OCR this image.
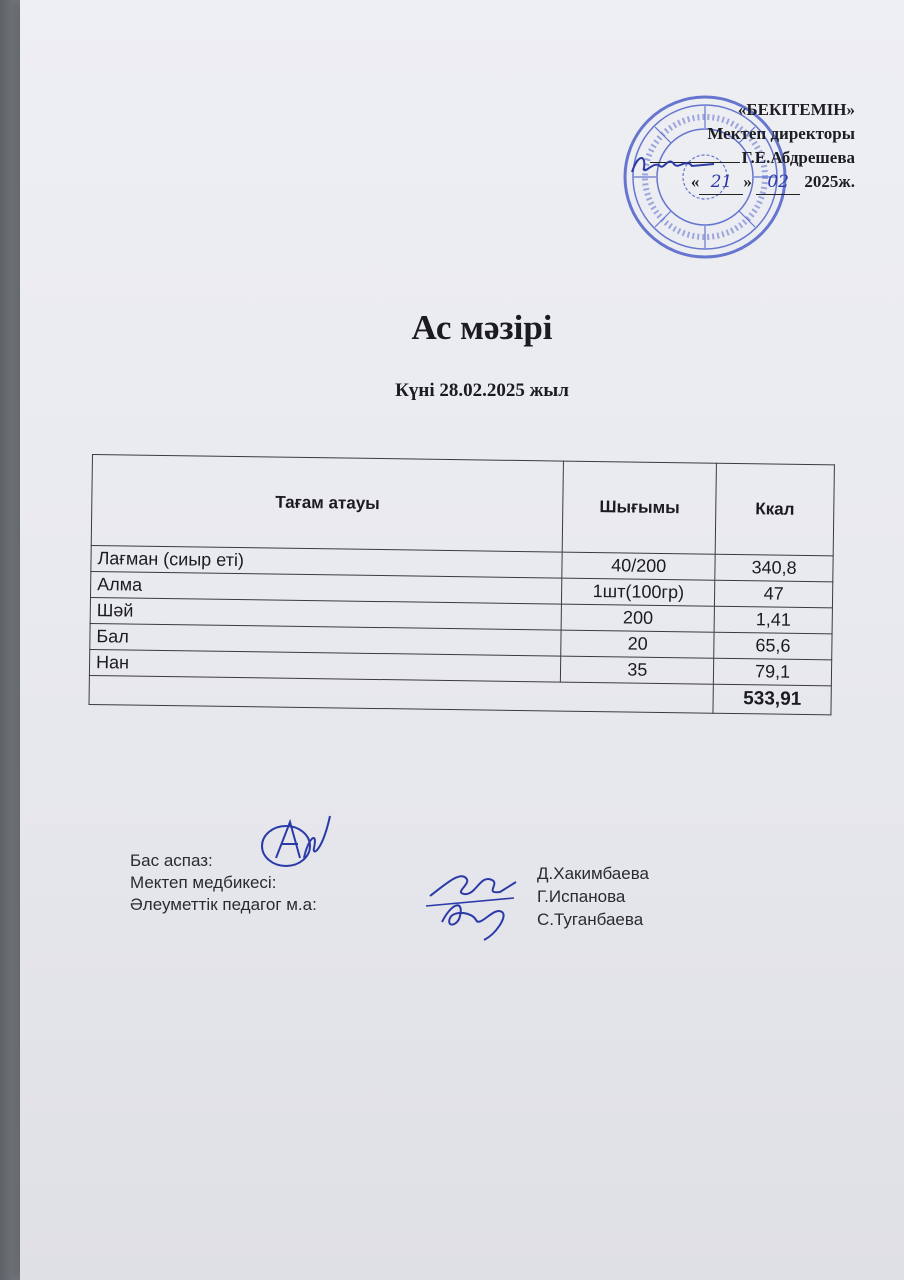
«БЕКІТЕМІН»
Мектеп директоры
Г.Е.Абдрешева
« 21 » 02 2025ж.
Ас мәзірі
Күні 28.02.2025 жыл
Тағам атауы	Шығымы	Ккал
Лағман (сиыр еті)	40/200	340,8
Алма	1шт(100гр)	47
Шәй	200	1,41
Бал	20	65,6
Нан	35	79,1
		533,91
Бас аспаз:
Мектеп медбикесі:
Әлеуметтік педагог м.а:
Д.Хакимбаева
Г.Испанова
С.Туганбаева
